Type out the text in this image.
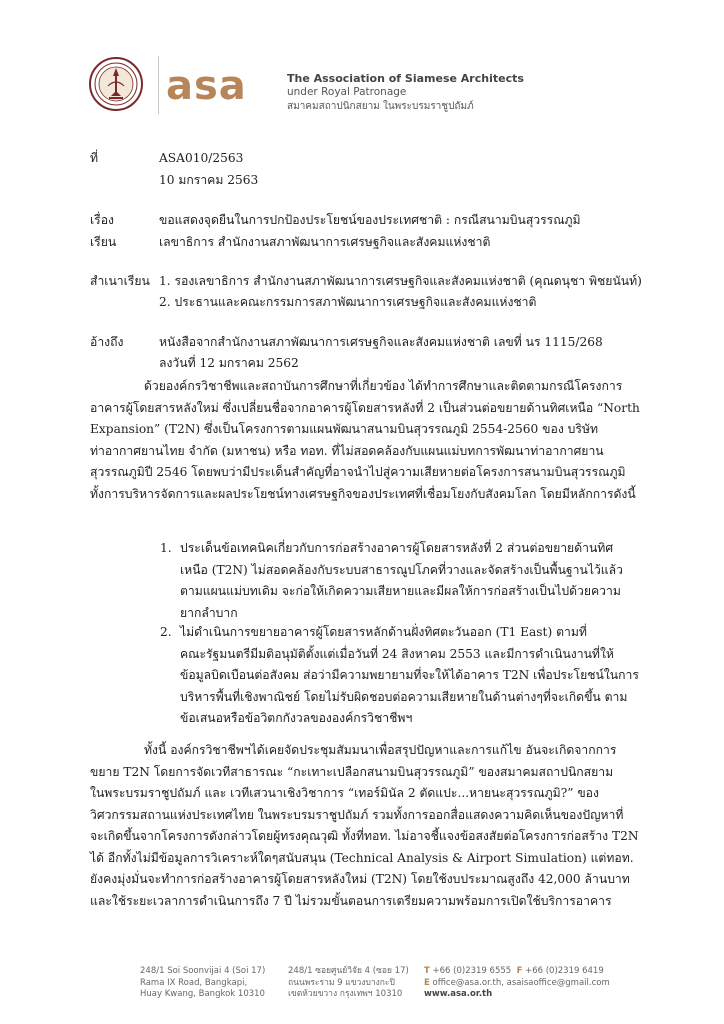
asa	The Association of Siamese Architects
under Royal Patronage
สมาคมสถาปนิกสยาม ในพระบรมราชูปถัมภ์
ที่	ASA010/2563
10 มกราคม 2563
เรื่อง	ขอแสดงจุดยืนในการปกป้องประโยชน์ของประเทศชาติ : กรณีสนามบินสุวรรณภูมิ
เรียน	เลขาธิการ สำนักงานสภาพัฒนาการเศรษฐกิจและสังคมแห่งชาติ
สำเนาเรียน 1. รองเลขาธิการ สำนักงานสภาพัฒนาการเศรษฐกิจและสังคมแห่งชาติ (คุณดนุชา พิชยนันท์)
2. ประธานและคณะกรรมการสภาพัฒนาการเศรษฐกิจและสังคมแห่งชาติ
อ้างถึง	หนังสือจากสำนักงานสภาพัฒนาการเศรษฐกิจและสังคมแห่งชาติ เลขที่ นร 1115/268
ลงวันที่ 12 มกราคม 2562
ด้วยองค์กรวิชาชีพและสถาบันการศึกษาที่เกี่ยวข้อง ได้ทำการศึกษาและติดตามกรณีโครงการ
อาคารผู้โดยสารหลังใหม่ ซึ่งเปลี่ยนชื่อจากอาคารผู้โดยสารหลังที่ 2 เป็นส่วนต่อขยายด้านทิศเหนือ “North
Expansion” (T2N) ซึ่งเป็นโครงการตามแผนพัฒนาสนามบินสุวรรณภูมิ 2554-2560 ของ บริษัท
ท่าอากาศยานไทย จำกัด (มหาชน) หรือ ทอท. ที่ไม่สอดคล้องกับแผนแม่บทการพัฒนาท่าอากาศยาน
สุวรรณภูมิปี 2546 โดยพบว่ามีประเด็นสำคัญที่อาจนำไปสู่ความเสียหายต่อโครงการสนามบินสุวรรณภูมิ
ทั้งการบริหารจัดการและผลประโยชน์ทางเศรษฐกิจของประเทศที่เชื่อมโยงกับสังคมโลก โดยมีหลักการดังนี้
1. ประเด็นข้อเทคนิคเกี่ยวกับการก่อสร้างอาคารผู้โดยสารหลังที่ 2 ส่วนต่อขยายด้านทิศ
เหนือ (T2N) ไม่สอดคล้องกับระบบสาธารณูปโภคที่วางและจัดสร้างเป็นพื้นฐานไว้แล้ว
ตามแผนแม่บทเดิม จะก่อให้เกิดความเสียหายและมีผลให้การก่อสร้างเป็นไปด้วยความ
ยากลำบาก
2. ไม่ดำเนินการขยายอาคารผู้โดยสารหลักด้านฝั่งทิศตะวันออก (T1 East) ตามที่
คณะรัฐมนตรีมีมติอนุมัติตั้งแต่เมื่อวันที่ 24 สิงหาคม 2553 และมีการดำเนินงานที่ให้
ข้อมูลบิดเบือนต่อสังคม ส่อว่ามีความพยายามที่จะให้ได้อาคาร T2N เพื่อประโยชน์ในการ
บริหารพื้นที่เชิงพาณิชย์ โดยไม่รับผิดชอบต่อความเสียหายในด้านต่างๆที่จะเกิดขึ้น ตาม
ข้อเสนอหรือข้อวิตกกังวลขององค์กรวิชาชีพฯ
ทั้งนี้ องค์กรวิชาชีพฯได้เคยจัดประชุมสัมมนาเพื่อสรุปปัญหาและการแก้ไข อันจะเกิดจากการ
ขยาย T2N โดยการจัดเวทีสาธารณะ “กะเทาะเปลือกสนามบินสุวรรณภูมิ” ของสมาคมสถาปนิกสยาม
ในพระบรมราชูปถัมภ์ และ เวทีเสวนาเชิงวิชาการ “เทอร์มินัล 2 ตัดแปะ...หายนะสุวรรณภูมิ?” ของ
วิศวกรรมสถานแห่งประเทศไทย ในพระบรมราชูปถัมภ์ รวมทั้งการออกสื่อแสดงความคิดเห็นของปัญหาที่
จะเกิดขึ้นจากโครงการดังกล่าวโดยผู้ทรงคุณวุฒิ ทั้งที่ทอท. ไม่อาจชี้แจงข้อสงสัยต่อโครงการก่อสร้าง T2N
ได้ อีกทั้งไม่มีข้อมูลการวิเคราะห์ใดๆสนับสนุน (Technical Analysis & Airport Simulation) แต่ทอท.
ยังคงมุ่งมั่นจะทำการก่อสร้างอาคารผู้โดยสารหลังใหม่ (T2N) โดยใช้งบประมาณสูงถึง 42,000 ล้านบาท
และใช้ระยะเวลาการดำเนินการถึง 7 ปี ไม่รวมขั้นตอนการเตรียมความพร้อมการเปิดใช้บริการอาคาร
248/1 Soi Soonvijai 4 (Soi 17)
Rama IX Road, Bangkapi,
Huay Kwang, Bangkok 10310
248/1 ซอยศูนย์วิจัย 4 (ซอย 17)
ถนนพระราม 9 แขวงบางกะปิ
เขตห้วยขวาง กรุงเทพฯ 10310
T +66 (0)2319 6555 F +66 (0)2319 6419
E office@asa.or.th, asaisaoffice@gmail.com
www.asa.or.th
